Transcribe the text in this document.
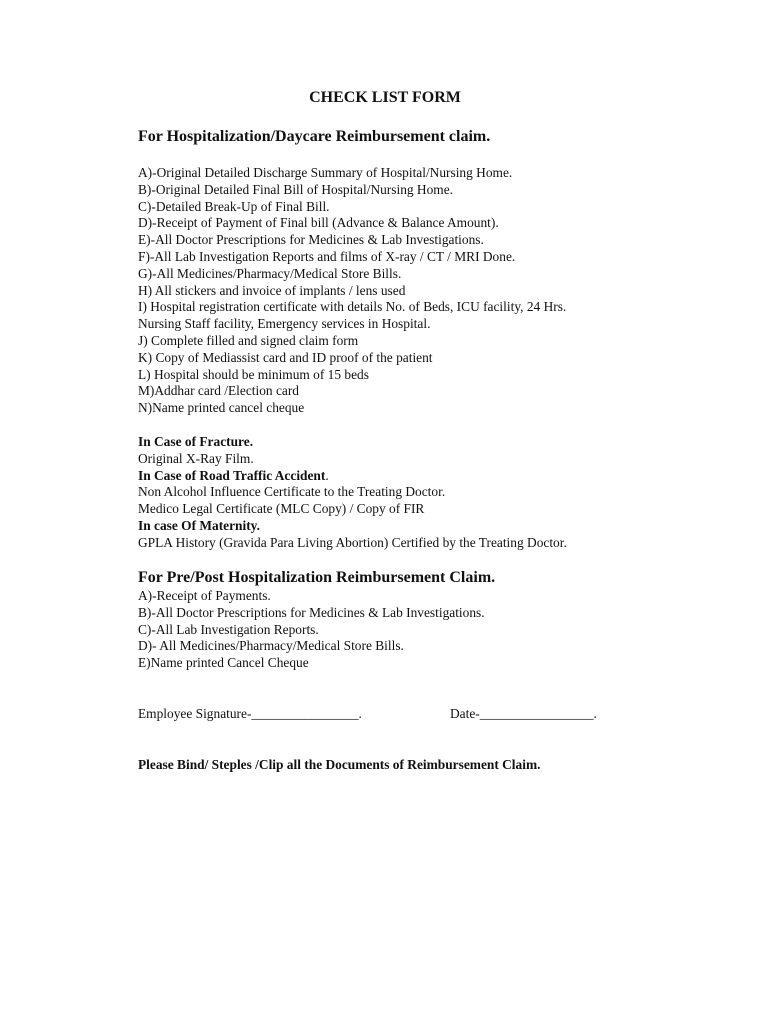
CHECK LIST FORM
For Hospitalization/Daycare Reimbursement claim.
A)-Original Detailed Discharge Summary of Hospital/Nursing Home.
B)-Original Detailed Final Bill of Hospital/Nursing Home.
C)-Detailed Break-Up of Final Bill.
D)-Receipt of Payment of Final bill (Advance & Balance Amount).
E)-All Doctor Prescriptions for Medicines & Lab Investigations.
F)-All Lab Investigation Reports and films of X-ray / CT / MRI Done.
G)-All Medicines/Pharmacy/Medical Store Bills.
H) All stickers and invoice of implants / lens used
I) Hospital registration certificate with details No. of Beds, ICU facility, 24 Hrs.
Nursing Staff facility, Emergency services in Hospital.
J) Complete filled and signed claim form
K) Copy of Mediassist card and ID proof of the patient
L) Hospital should be minimum of 15 beds
M)Addhar card /Election card
N)Name printed cancel cheque
In Case of Fracture.
Original X-Ray Film.
In Case of Road Traffic Accident.
Non Alcohol Influence Certificate to the Treating Doctor.
Medico Legal Certificate (MLC Copy) / Copy of FIR
In case Of Maternity.
GPLA History (Gravida Para Living Abortion) Certified by the Treating Doctor.
For Pre/Post Hospitalization Reimbursement Claim.
A)-Receipt of Payments.
B)-All Doctor Prescriptions for Medicines & Lab Investigations.
C)-All Lab Investigation Reports.
D)- All Medicines/Pharmacy/Medical Store Bills.
E)Name printed Cancel Cheque
Employee Signature-________________.	Date-_________________.
Please Bind/ Steples /Clip all the Documents of Reimbursement Claim.
